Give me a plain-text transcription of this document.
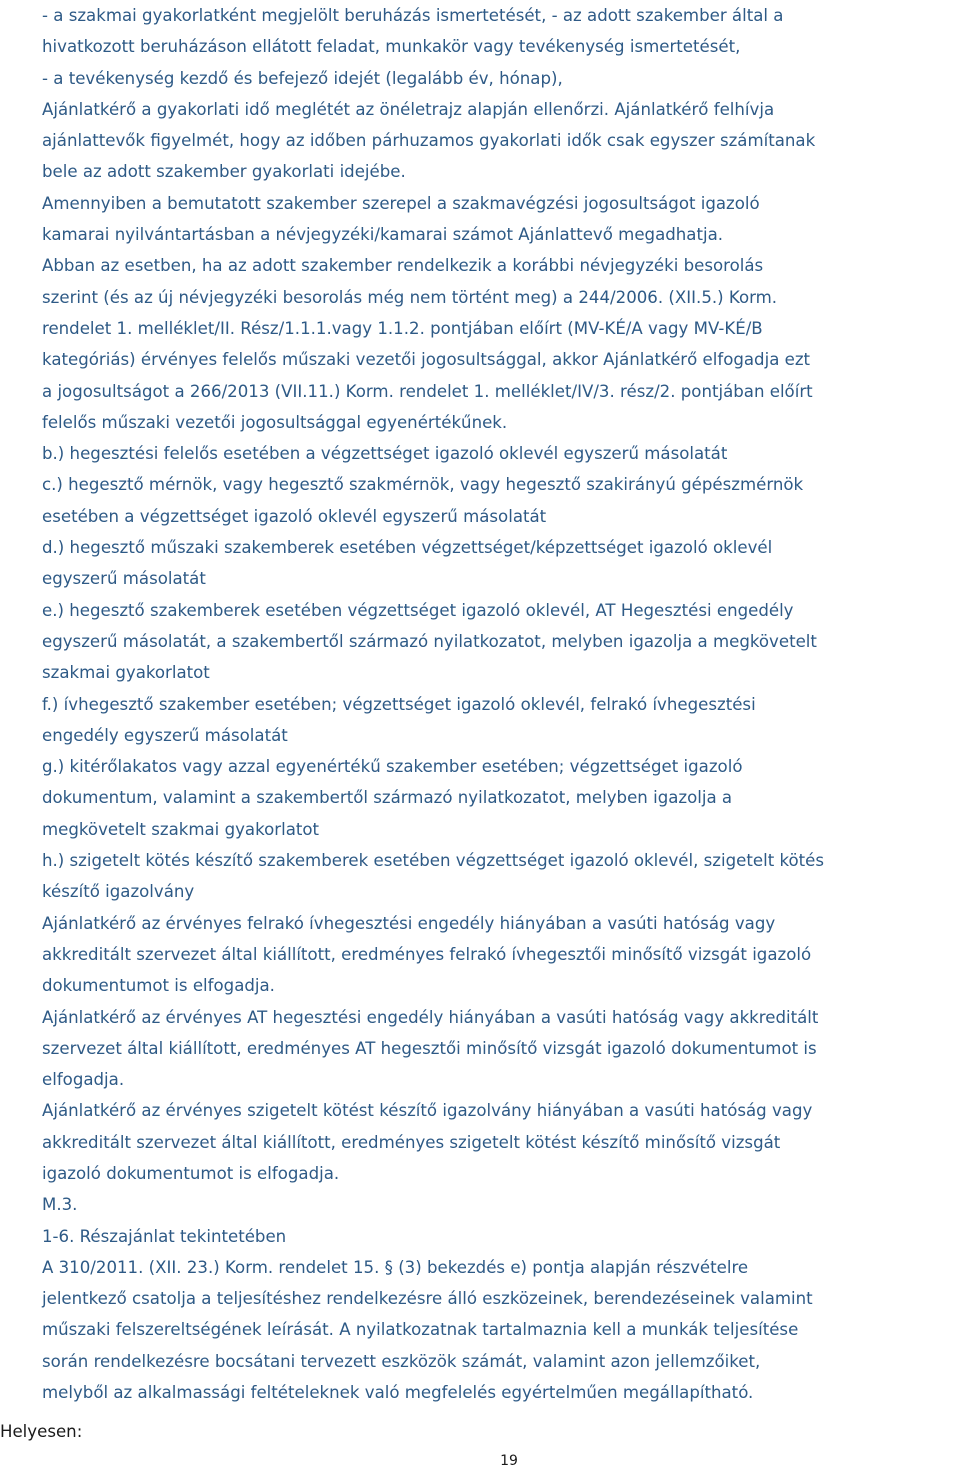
- a szakmai gyakorlatként megjelölt beruházás ismertetését, - az adott szakember által a
hivatkozott beruházáson ellátott feladat, munkakör vagy tevékenység ismertetését,
- a tevékenység kezdő és befejező idejét (legalább év, hónap),
Ajánlatkérő a gyakorlati idő meglétét az önéletrajz alapján ellenőrzi. Ajánlatkérő felhívja
ajánlattevők figyelmét, hogy az időben párhuzamos gyakorlati idők csak egyszer számítanak
bele az adott szakember gyakorlati idejébe.
Amennyiben a bemutatott szakember szerepel a szakmavégzési jogosultságot igazoló
kamarai nyilvántartásban a névjegyzéki/kamarai számot Ajánlattevő megadhatja.
Abban az esetben, ha az adott szakember rendelkezik a korábbi névjegyzéki besorolás
szerint (és az új névjegyzéki besorolás még nem történt meg) a 244/2006. (XII.5.) Korm.
rendelet 1. melléklet/II. Rész/1.1.1.vagy 1.1.2. pontjában előírt (MV-KÉ/A vagy MV-KÉ/B
kategóriás) érvényes felelős műszaki vezetői jogosultsággal, akkor Ajánlatkérő elfogadja ezt
a jogosultságot a 266/2013 (VII.11.) Korm. rendelet 1. melléklet/IV/3. rész/2. pontjában előírt
felelős műszaki vezetői jogosultsággal egyenértékűnek.
b.) hegesztési felelős esetében a végzettséget igazoló oklevél egyszerű másolatát
c.) hegesztő mérnök, vagy hegesztő szakmérnök, vagy hegesztő szakirányú gépészmérnök
esetében a végzettséget igazoló oklevél egyszerű másolatát
d.) hegesztő műszaki szakemberek esetében végzettséget/képzettséget igazoló oklevél
egyszerű másolatát
e.) hegesztő szakemberek esetében végzettséget igazoló oklevél, AT Hegesztési engedély
egyszerű másolatát, a szakembertől származó nyilatkozatot, melyben igazolja a megkövetelt
szakmai gyakorlatot
f.) ívhegesztő szakember esetében; végzettséget igazoló oklevél, felrakó ívhegesztési
engedély egyszerű másolatát
g.) kitérőlakatos vagy azzal egyenértékű szakember esetében; végzettséget igazoló
dokumentum, valamint a szakembertől származó nyilatkozatot, melyben igazolja a
megkövetelt szakmai gyakorlatot
h.) szigetelt kötés készítő szakemberek esetében végzettséget igazoló oklevél, szigetelt kötés
készítő igazolvány
Ajánlatkérő az érvényes felrakó ívhegesztési engedély hiányában a vasúti hatóság vagy
akkreditált szervezet által kiállított, eredményes felrakó ívhegesztői minősítő vizsgát igazoló
dokumentumot is elfogadja.
Ajánlatkérő az érvényes AT hegesztési engedély hiányában a vasúti hatóság vagy akkreditált
szervezet által kiállított, eredményes AT hegesztői minősítő vizsgát igazoló dokumentumot is
elfogadja.
Ajánlatkérő az érvényes szigetelt kötést készítő igazolvány hiányában a vasúti hatóság vagy
akkreditált szervezet által kiállított, eredményes szigetelt kötést készítő minősítő vizsgát
igazoló dokumentumot is elfogadja.
M.3.
1-6. Részajánlat tekintetében
A 310/2011. (XII. 23.) Korm. rendelet 15. § (3) bekezdés e) pontja alapján részvételre
jelentkező csatolja a teljesítéshez rendelkezésre álló eszközeinek, berendezéseinek valamint
műszaki felszereltségének leírását. A nyilatkozatnak tartalmaznia kell a munkák teljesítése
során rendelkezésre bocsátani tervezett eszközök számát, valamint azon jellemzőiket,
melyből az alkalmassági feltételeknek való megfelelés egyértelműen megállapítható.
Helyesen:
19
